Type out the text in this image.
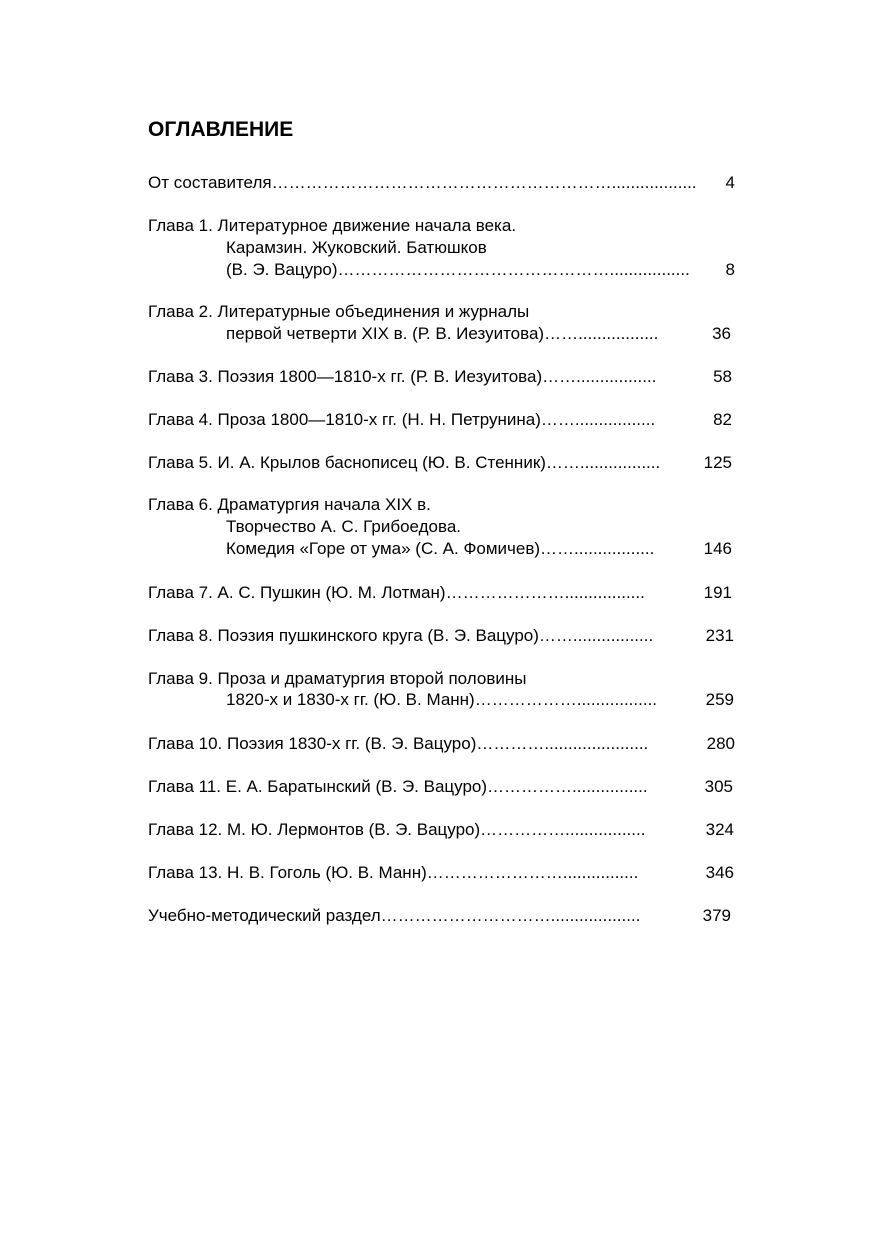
ОГЛАВЛЕНИЕ
От составителя ……………………………………………………..................	4
Глава 1. Литературное движение начала века.
Карамзин. Жуковский. Батюшков
(В. Э. Вацуро) ………………………………………….................	8
Глава 2. Литературные объединения и журналы
первой четверти XIX в. (Р. В. Иезуитова) …….................	36
Глава 3. Поэзия 1800—1810-х гг. (Р. В. Иезуитова) …….................	58
Глава 4. Проза 1800—1810-х гг. (Н. Н. Петрунина) …….................	82
Глава 5. И. А. Крылов баснописец (Ю. В. Стенник) …….................	125
Глава 6. Драматургия начала XIX в.
Творчество А. С. Грибоедова.
Комедия «Горе от ума» (С. А. Фомичев) …….................	146
Глава 7. А. С. Пушкин (Ю. М. Лотман) ………………….................	191
Глава 8. Поэзия пушкинского круга (В. Э. Вацуро) …….................	231
Глава 9. Проза и драматургия второй половины
1820-х и 1830-х гг. (Ю. В. Манн) ……………….................	259
Глава 10. Поэзия 1830-х гг. (В. Э. Вацуро) …………......................	280
Глава 11. Е. А. Баратынский (В. Э. Вацуро) ……………................	305
Глава 12. М. Ю. Лермонтов (В. Э. Вацуро) …………….................	324
Глава 13. Н. В. Гоголь (Ю. В. Манн) ……………………................	346
Учебно-методический раздел …………………………...................	379
